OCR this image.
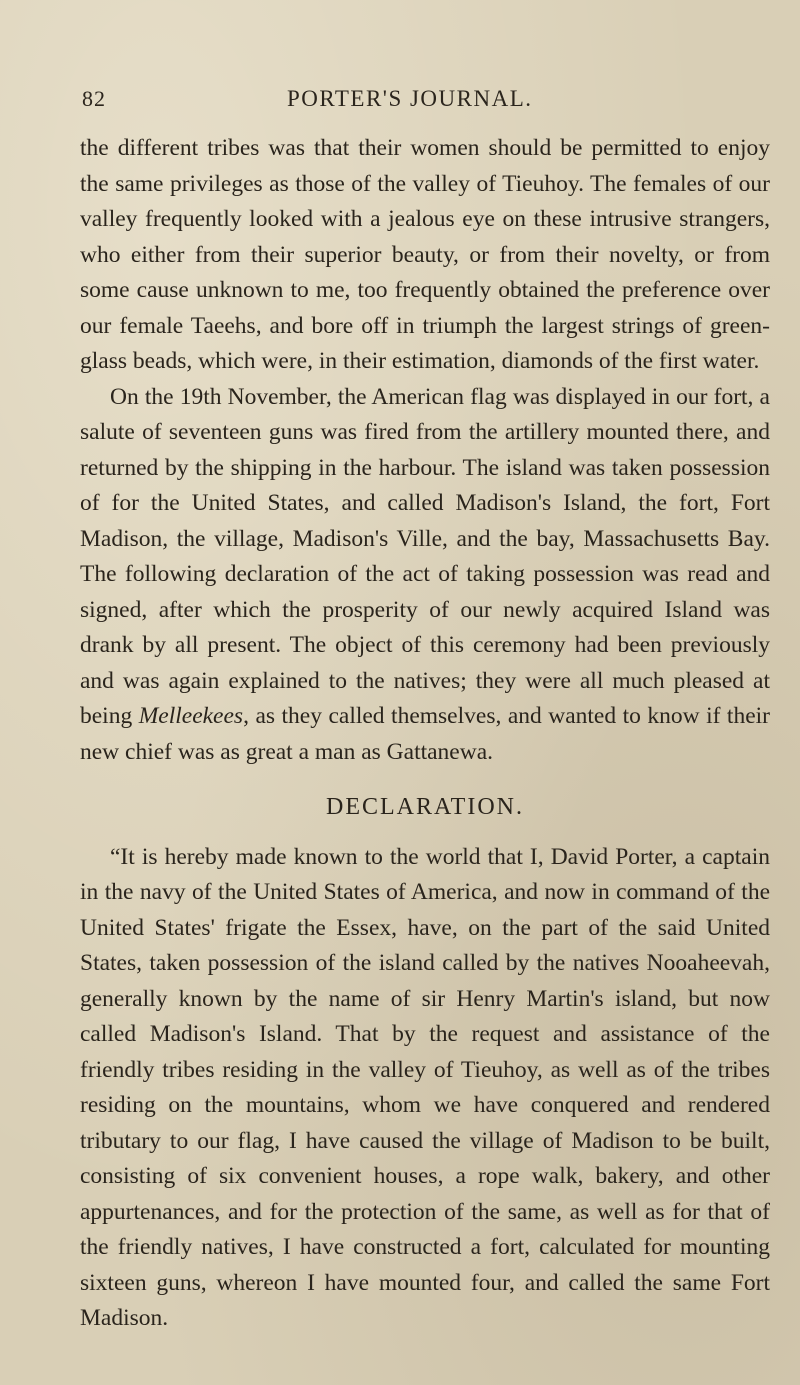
82	PORTER'S JOURNAL.

the different tribes was that their women should be permitted to enjoy the same privileges as those of the valley of Tieuhoy. The females of our valley frequently looked with a jealous eye on these intrusive strangers, who either from their superior beauty, or from their novelty, or from some cause unknown to me, too frequently obtained the preference over our female Taeehs, and bore off in triumph the largest strings of green-glass beads, which were, in their estimation, diamonds of the first water.

On the 19th November, the American flag was displayed in our fort, a salute of seventeen guns was fired from the artillery mounted there, and returned by the shipping in the harbour. The island was taken possession of for the United States, and called Madison's Island, the fort, Fort Madison, the village, Madison's Ville, and the bay, Massachusetts Bay. The following declaration of the act of taking possession was read and signed, after which the prosperity of our newly acquired Island was drank by all present. The object of this ceremony had been previously and was again explained to the natives; they were all much pleased at being Melleekees, as they called themselves, and wanted to know if their new chief was as great a man as Gattanewa.

DECLARATION.

“It is hereby made known to the world that I, David Porter, a captain in the navy of the United States of America, and now in command of the United States' frigate the Essex, have, on the part of the said United States, taken possession of the island called by the natives Nooaheevah, generally known by the name of sir Henry Martin's island, but now called Madison's Island. That by the request and assistance of the friendly tribes residing in the valley of Tieuhoy, as well as of the tribes residing on the mountains, whom we have conquered and rendered tributary to our flag, I have caused the village of Madison to be built, consisting of six convenient houses, a rope walk, bakery, and other appurtenances, and for the protection of the same, as well as for that of the friendly natives, I have constructed a fort, calculated for mounting sixteen guns, whereon I have mounted four, and called the same Fort Madison.
